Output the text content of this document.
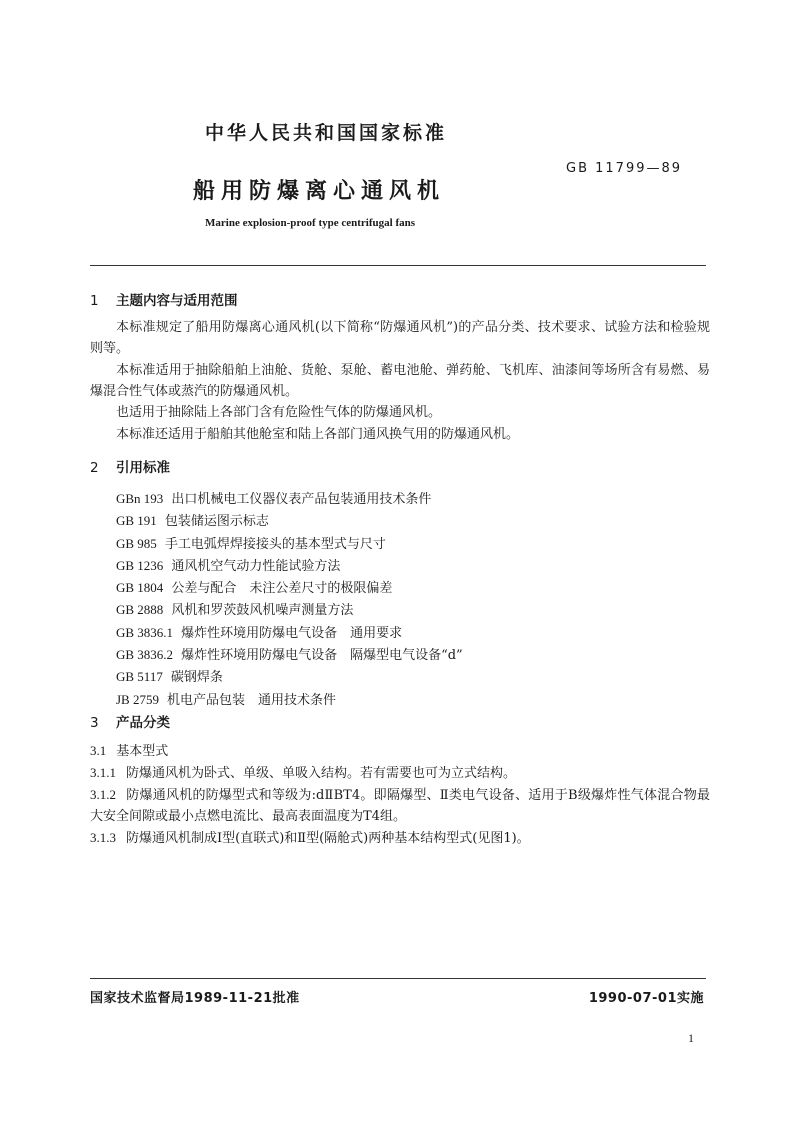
中华人民共和国国家标准
GB 11799—89
船用防爆离心通风机
Marine explosion-proof type centrifugal fans
1 主题内容与适用范围
本标准规定了船用防爆离心通风机(以下简称“防爆通风机”)的产品分类、技术要求、试验方法和检验规则等。
本标准适用于抽除船舶上油舱、货舱、泵舱、蓄电池舱、弹药舱、飞机库、油漆间等场所含有易燃、易爆混合性气体或蒸汽的防爆通风机。
也适用于抽除陆上各部门含有危险性气体的防爆通风机。
本标准还适用于船舶其他舱室和陆上各部门通风换气用的防爆通风机。
2 引用标准
GBn 193 出口机械电工仪器仪表产品包装通用技术条件
GB 191 包装储运图示标志
GB 985 手工电弧焊焊接接头的基本型式与尺寸
GB 1236 通风机空气动力性能试验方法
GB 1804 公差与配合　未注公差尺寸的极限偏差
GB 2888 风机和罗茨鼓风机噪声测量方法
GB 3836.1 爆炸性环境用防爆电气设备　通用要求
GB 3836.2 爆炸性环境用防爆电气设备　隔爆型电气设备“d”
GB 5117 碳钢焊条
JB 2759 机电产品包装　通用技术条件
3 产品分类
3.1 基本型式
3.1.1 防爆通风机为卧式、单级、单吸入结构。若有需要也可为立式结构。
3.1.2 防爆通风机的防爆型式和等级为:dⅡBT4。即隔爆型、Ⅱ类电气设备、适用于B级爆炸性气体混合物最大安全间隙或最小点燃电流比、最高表面温度为T4组。
3.1.3 防爆通风机制成Ⅰ型(直联式)和Ⅱ型(隔舱式)两种基本结构型式(见图1)。
国家技术监督局1989-11-21批准	1990-07-01实施
1
